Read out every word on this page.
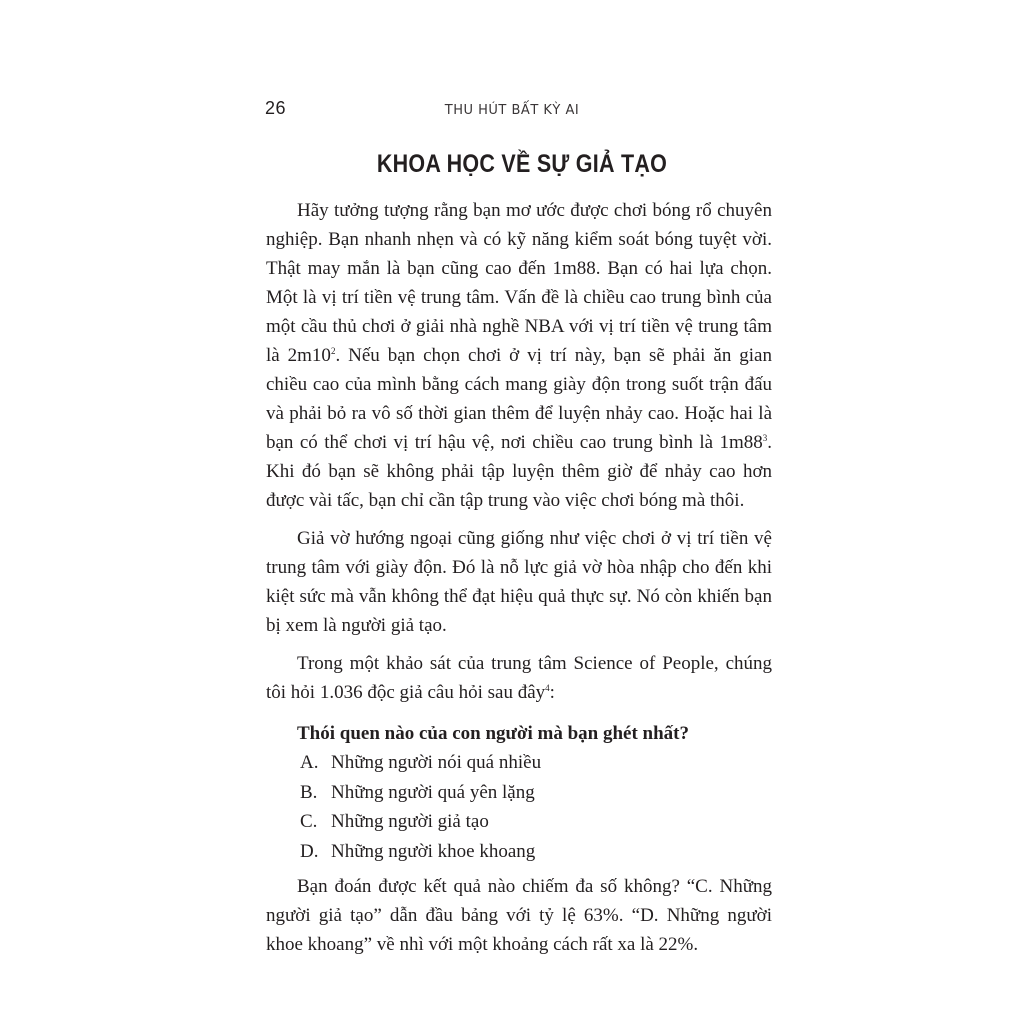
26	THU HÚT BẤT KỲ AI
KHOA HỌC VỀ SỰ GIẢ TẠO

Hãy tưởng tượng rằng bạn mơ ước được chơi bóng rổ chuyên nghiệp. Bạn nhanh nhẹn và có kỹ năng kiểm soát bóng tuyệt vời. Thật may mắn là bạn cũng cao đến 1m88. Bạn có hai lựa chọn. Một là vị trí tiền vệ trung tâm. Vấn đề là chiều cao trung bình của một cầu thủ chơi ở giải nhà nghề NBA với vị trí tiền vệ trung tâm là $2m10^2$. Nếu bạn chọn chơi ở vị trí này, bạn sẽ phải ăn gian chiều cao của mình bằng cách mang giày độn trong suốt trận đấu và phải bỏ ra vô số thời gian thêm để luyện nhảy cao. Hoặc hai là bạn có thể chơi vị trí hậu vệ, nơi chiều cao trung bình là $1m88^3$. Khi đó bạn sẽ không phải tập luyện thêm giờ để nhảy cao hơn được vài tấc, bạn chỉ cần tập trung vào việc chơi bóng mà thôi.

Giả vờ hướng ngoại cũng giống như việc chơi ở vị trí tiền vệ trung tâm với giày độn. Đó là nỗ lực giả vờ hòa nhập cho đến khi kiệt sức mà vẫn không thể đạt hiệu quả thực sự. Nó còn khiến bạn bị xem là người giả tạo.

Trong một khảo sát của trung tâm Science of People, chúng tôi hỏi 1.036 độc giả câu hỏi sau đây$^4$:

Thói quen nào của con người mà bạn ghét nhất?
A. Những người nói quá nhiều
B. Những người quá yên lặng
C. Những người giả tạo
D. Những người khoe khoang

Bạn đoán được kết quả nào chiếm đa số không? “C. Những người giả tạo” dẫn đầu bảng với tỷ lệ 63%. “D. Những người khoe khoang” về nhì với một khoảng cách rất xa là 22%.
